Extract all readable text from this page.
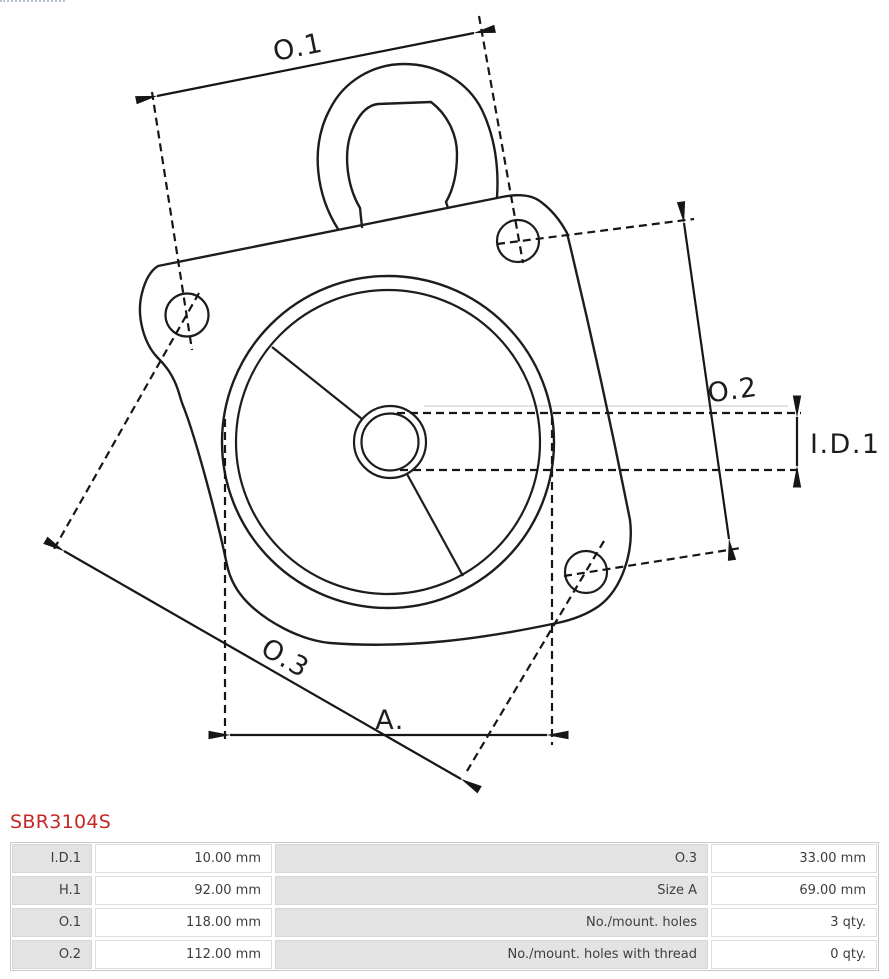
O.1
O.2
O.3
I.D.1
A.
SBR3104S
I.D.1	10.00 mm	O.3	33.00 mm
H.1	92.00 mm	Size A	69.00 mm
O.1	118.00 mm	No./mount. holes	3 qty.
O.2	112.00 mm	No./mount. holes with thread	0 qty.
